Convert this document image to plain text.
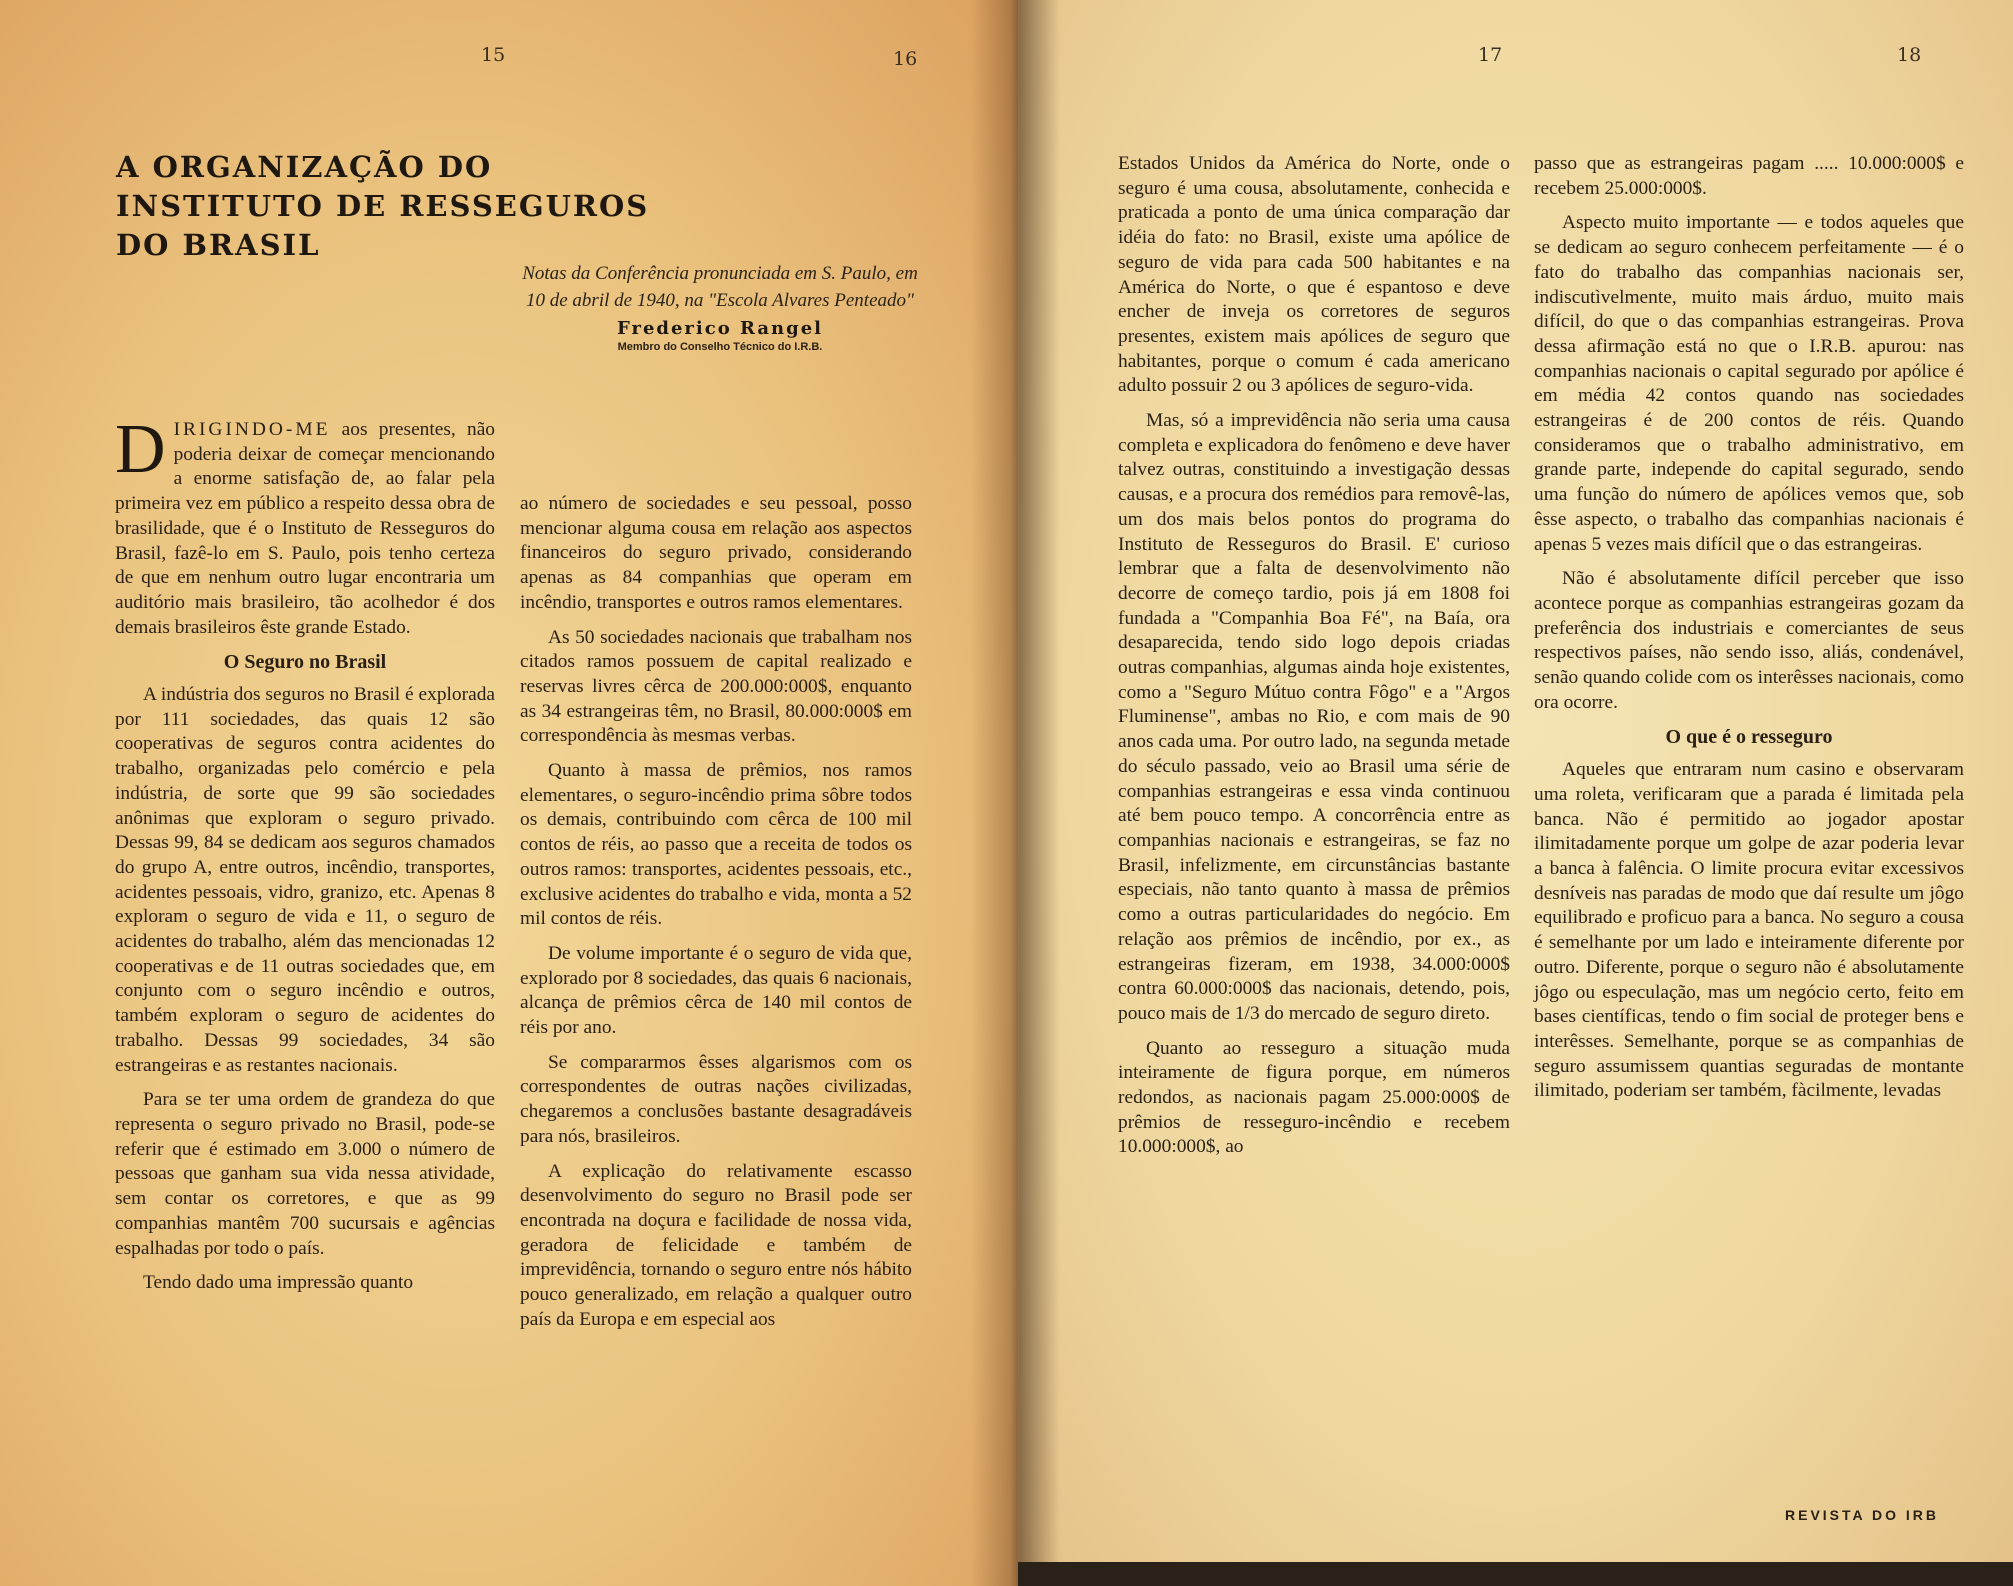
15	16
A ORGANIZAÇÃO DO INSTITUTO DE RESSEGUROS DO BRASIL
Notas da Conferência pronunciada em S. Paulo, em 10 de abril de 1940, na "Escola Alvares Penteado"
Frederico Rangel
Membro do Conselho Técnico do I.R.B.

DIRIGINDO-ME aos presentes, não poderia deixar de começar mencionando a enorme satisfação de, ao falar pela primeira vez em público a respeito dessa obra de brasilidade, que é o Instituto de Resseguros do Brasil, fazê-lo em S. Paulo, pois tenho certeza de que em nenhum outro lugar encontraria um auditório mais brasileiro, tão acolhedor é dos demais brasileiros êste grande Estado.

O Seguro no Brasil

A indústria dos seguros no Brasil é explorada por 111 sociedades, das quais 12 são cooperativas de seguros contra acidentes do trabalho, organizadas pelo comércio e pela indústria, de sorte que 99 são sociedades anônimas que exploram o seguro privado. Dessas 99, 84 se dedicam aos seguros chamados do grupo A, entre outros, incêndio, transportes, acidentes pessoais, vidro, granizo, etc. Apenas 8 exploram o seguro de vida e 11, o seguro de acidentes do trabalho, além das mencionadas 12 cooperativas e de 11 outras sociedades que, em conjunto com o seguro incêndio e outros, também exploram o seguro de acidentes do trabalho. Dessas 99 sociedades, 34 são estrangeiras e as restantes nacionais.

Para se ter uma ordem de grandeza do que representa o seguro privado no Brasil, pode-se referir que é estimado em 3.000 o número de pessoas que ganham sua vida nessa atividade, sem contar os corretores, e que as 99 companhias mantêm 700 sucursais e agências espalhadas por todo o país.

Tendo dado uma impressão quanto

ao número de sociedades e seu pessoal, posso mencionar alguma cousa em relação aos aspectos financeiros do seguro privado, considerando apenas as 84 companhias que operam em incêndio, transportes e outros ramos elementares.

As 50 sociedades nacionais que trabalham nos citados ramos possuem de capital realizado e reservas livres cêrca de 200.000:000$, enquanto as 34 estrangeiras têm, no Brasil, 80.000:000$ em correspondência às mesmas verbas.

Quanto à massa de prêmios, nos ramos elementares, o seguro-incêndio prima sôbre todos os demais, contribuindo com cêrca de 100 mil contos de réis, ao passo que a receita de todos os outros ramos: transportes, acidentes pessoais, etc., exclusive acidentes do trabalho e vida, monta a 52 mil contos de réis.

De volume importante é o seguro de vida que, explorado por 8 sociedades, das quais 6 nacionais, alcança de prêmios cêrca de 140 mil contos de réis por ano.

Se compararmos êsses algarismos com os correspondentes de outras nações civilizadas, chegaremos a conclusões bastante desagradáveis para nós, brasileiros.

A explicação do relativamente escasso desenvolvimento do seguro no Brasil pode ser encontrada na doçura e facilidade de nossa vida, geradora de felicidade e também de imprevidência, tornando o seguro entre nós hábito pouco generalizado, em relação a qualquer outro país da Europa e em especial aos

17	18

Estados Unidos da América do Norte, onde o seguro é uma cousa, absolutamente, conhecida e praticada a ponto de uma única comparação dar idéia do fato: no Brasil, existe uma apólice de seguro de vida para cada 500 habitantes e na América do Norte, o que é espantoso e deve encher de inveja os corretores de seguros presentes, existem mais apólices de seguro que habitantes, porque o comum é cada americano adulto possuir 2 ou 3 apólices de seguro-vida.

Mas, só a imprevidência não seria uma causa completa e explicadora do fenômeno e deve haver talvez outras, constituindo a investigação dessas causas, e a procura dos remédios para removê-las, um dos mais belos pontos do programa do Instituto de Resseguros do Brasil. E' curioso lembrar que a falta de desenvolvimento não decorre de começo tardio, pois já em 1808 foi fundada a "Companhia Boa Fé", na Baía, ora desaparecida, tendo sido logo depois criadas outras companhias, algumas ainda hoje existentes, como a "Seguro Mútuo contra Fôgo" e a "Argos Fluminense", ambas no Rio, e com mais de 90 anos cada uma. Por outro lado, na segunda metade do século passado, veio ao Brasil uma série de companhias estrangeiras e essa vinda continuou até bem pouco tempo. A concorrência entre as companhias nacionais e estrangeiras, se faz no Brasil, infelizmente, em circunstâncias bastante especiais, não tanto quanto à massa de prêmios como a outras particularidades do negócio. Em relação aos prêmios de incêndio, por ex., as estrangeiras fizeram, em 1938, 34.000:000$ contra 60.000:000$ das nacionais, detendo, pois, pouco mais de 1/3 do mercado de seguro direto.

Quanto ao resseguro a situação muda inteiramente de figura porque, em números redondos, as nacionais pagam 25.000:000$ de prêmios de resseguro-incêndio e recebem 10.000:000$, ao

passo que as estrangeiras pagam ..... 10.000:000$ e recebem 25.000:000$.

Aspecto muito importante — e todos aqueles que se dedicam ao seguro conhecem perfeitamente — é o fato do trabalho das companhias nacionais ser, indiscutìvelmente, muito mais árduo, muito mais difícil, do que o das companhias estrangeiras. Prova dessa afirmação está no que o I.R.B. apurou: nas companhias nacionais o capital segurado por apólice é em média 42 contos quando nas sociedades estrangeiras é de 200 contos de réis. Quando consideramos que o trabalho administrativo, em grande parte, independe do capital segurado, sendo uma função do número de apólices vemos que, sob êsse aspecto, o trabalho das companhias nacionais é apenas 5 vezes mais difícil que o das estrangeiras.

Não é absolutamente difícil perceber que isso acontece porque as companhias estrangeiras gozam da preferência dos industriais e comerciantes de seus respectivos países, não sendo isso, aliás, condenável, senão quando colide com os interêsses nacionais, como ora ocorre.

O que é o resseguro

Aqueles que entraram num casino e observaram uma roleta, verificaram que a parada é limitada pela banca. Não é permitido ao jogador apostar ilimitadamente porque um golpe de azar poderia levar a banca à falência. O limite procura evitar excessivos desníveis nas paradas de modo que daí resulte um jôgo equilibrado e proficuo para a banca. No seguro a cousa é semelhante por um lado e inteiramente diferente por outro. Diferente, porque o seguro não é absolutamente jôgo ou especulação, mas um negócio certo, feito em bases científicas, tendo o fim social de proteger bens e interêsses. Semelhante, porque se as companhias de seguro assumissem quantias seguradas de montante ilimitado, poderiam ser também, fàcilmente, levadas

REVISTA DO IRB
